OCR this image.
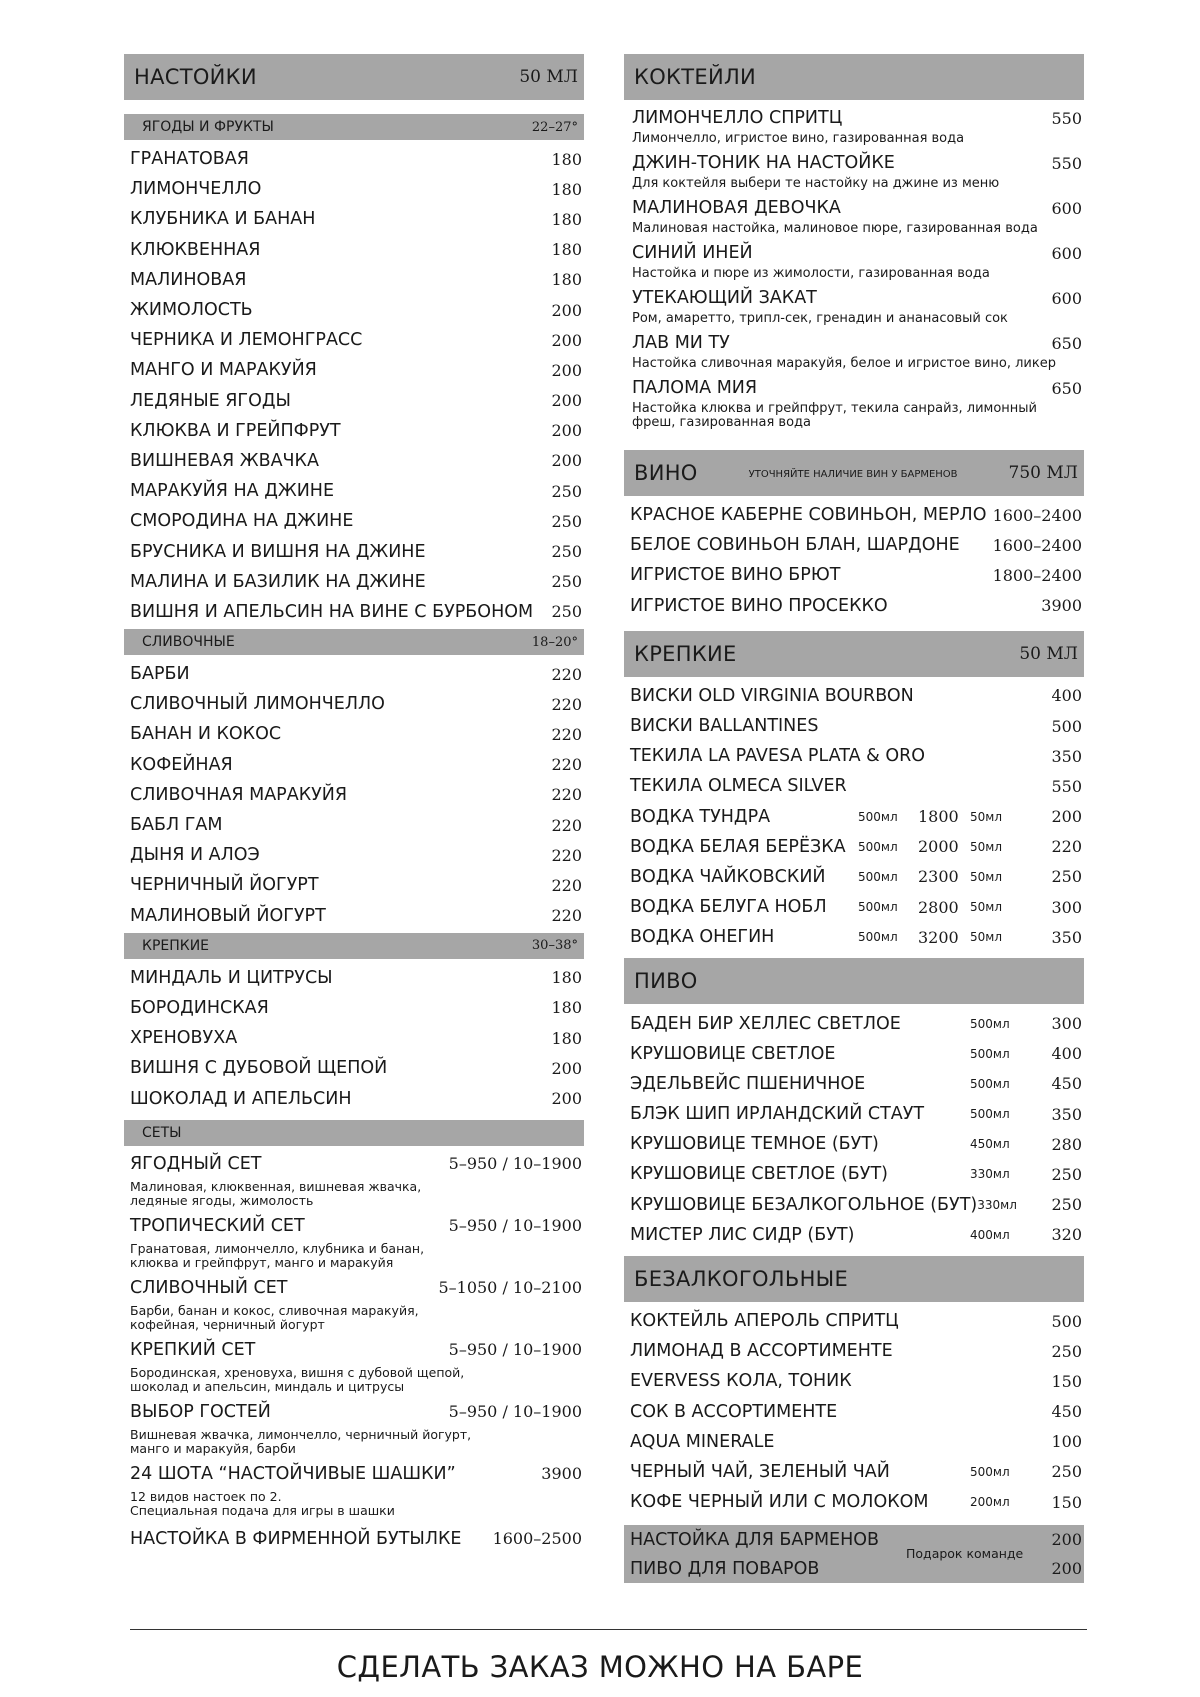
НАСТОЙКИ	50 МЛ
ЯГОДЫ И ФРУКТЫ	22–27°
ГРАНАТОВАЯ	180
ЛИМОНЧЕЛЛО	180
КЛУБНИКА И БАНАН	180
КЛЮКВЕННАЯ	180
МАЛИНОВАЯ	180
ЖИМОЛОСТЬ	200
ЧЕРНИКА И ЛЕМОНГРАСС	200
МАНГО И МАРАКУЙЯ	200
ЛЕДЯНЫЕ ЯГОДЫ	200
КЛЮКВА И ГРЕЙПФРУТ	200
ВИШНЕВАЯ ЖВАЧКА	200
МАРАКУЙЯ НА ДЖИНЕ	250
СМОРОДИНА НА ДЖИНЕ	250
БРУСНИКА И ВИШНЯ НА ДЖИНЕ	250
МАЛИНА И БАЗИЛИК НА ДЖИНЕ	250
ВИШНЯ И АПЕЛЬСИН НА ВИНЕ С БУРБОНОМ	250
СЛИВОЧНЫЕ	18–20°
БАРБИ	220
СЛИВОЧНЫЙ ЛИМОНЧЕЛЛО	220
БАНАН И КОКОС	220
КОФЕЙНАЯ	220
СЛИВОЧНАЯ МАРАКУЙЯ	220
БАБЛ ГАМ	220
ДЫНЯ И АЛОЭ	220
ЧЕРНИЧНЫЙ ЙОГУРТ	220
МАЛИНОВЫЙ ЙОГУРТ	220
КРЕПКИЕ	30–38°
МИНДАЛЬ И ЦИТРУСЫ	180
БОРОДИНСКАЯ	180
ХРЕНОВУХА	180
ВИШНЯ С ДУБОВОЙ ЩЕПОЙ	200
ШОКОЛАД И АПЕЛЬСИН	200
СЕТЫ
ЯГОДНЫЙ СЕТ	5–950 / 10–1900
Малиновая, клюквенная, вишневая жвачка,
ледяные ягоды, жимолость
ТРОПИЧЕСКИЙ СЕТ	5–950 / 10–1900
Гранатовая, лимончелло, клубника и банан,
клюква и грейпфрут, манго и маракуйя
СЛИВОЧНЫЙ СЕТ	5–1050 / 10–2100
Барби, банан и кокос, сливочная маракуйя,
кофейная, черничный йогурт
КРЕПКИЙ СЕТ	5–950 / 10–1900
Бородинская, хреновуха, вишня с дубовой щепой,
шоколад и апельсин, миндаль и цитрусы
ВЫБОР ГОСТЕЙ	5–950 / 10–1900
Вишневая жвачка, лимончелло, черничный йогурт,
манго и маракуйя, барби
24 ШОТА “НАСТОЙЧИВЫЕ ШАШКИ”	3900
12 видов настоек по 2.
Специальная подача для игры в шашки
НАСТОЙКА В ФИРМЕННОЙ БУТЫЛКЕ	1600–2500
КОКТЕЙЛИ
ЛИМОНЧЕЛЛО СПРИТЦ	550
Лимончелло, игристое вино, газированная вода
ДЖИН-ТОНИК НА НАСТОЙКЕ	550
Для коктейля выбери те настойку на джине из меню
МАЛИНОВАЯ ДЕВОЧКА	600
Малиновая настойка, малиновое пюре, газированная вода
СИНИЙ ИНЕЙ	600
Настойка и пюре из жимолости, газированная вода
УТЕКАЮЩИЙ ЗАКАТ	600
Ром, амаретто, трипл-сек, гренадин и ананасовый сок
ЛАВ МИ ТУ	650
Настойка сливочная маракуйя, белое и игристое вино, ликер
ПАЛОМА МИЯ	650
Настойка клюква и грейпфрут, текила санрайз, лимонный
фреш, газированная вода
ВИНО	УТОЧНЯЙТЕ НАЛИЧИЕ ВИН У БАРМЕНОВ	750 МЛ
КРАСНОЕ КАБЕРНЕ СОВИНЬОН, МЕРЛО 1600–2400
БЕЛОЕ СОВИНЬОН БЛАН, ШАРДОНЕ	1600–2400
ИГРИСТОЕ ВИНО БРЮТ	1800–2400
ИГРИСТОЕ ВИНО ПРОСЕККО	3900
КРЕПКИЕ	50 МЛ
ВИСКИ OLD VIRGINIA BOURBON	400
ВИСКИ BALLANTINES	500
ТЕКИЛА LA PAVESA PLATA & ORO	350
ТЕКИЛА OLMECA SILVER	550
ВОДКА ТУНДРА	500мл	1800 50мл	200
ВОДКА БЕЛАЯ БЕРЁЗКА	500мл	2000 50мл	220
ВОДКА ЧАЙКОВСКИЙ	500мл	2300 50мл	250
ВОДКА БЕЛУГА НОБЛ	500мл	2800 50мл	300
ВОДКА ОНЕГИН	500мл	3200 50мл	350
ПИВО
БАДЕН БИР ХЕЛЛЕС СВЕТЛОЕ	500мл	300
КРУШОВИЦЕ СВЕТЛОЕ	500мл	400
ЭДЕЛЬВЕЙС ПШЕНИЧНОЕ	500мл	450
БЛЭК ШИП ИРЛАНДСКИЙ СТАУТ	500мл	350
КРУШОВИЦЕ ТЕМНОЕ (БУТ)	450мл	280
КРУШОВИЦЕ СВЕТЛОЕ (БУТ)	330мл	250
КРУШОВИЦЕ БЕЗАЛКОГОЛЬНОЕ (БУТ) 330мл	250
МИСТЕР ЛИС СИДР (БУТ)	400мл	320
БЕЗАЛКОГОЛЬНЫЕ
КОКТЕЙЛЬ АПЕРОЛЬ СПРИТЦ	500
ЛИМОНАД В АССОРТИМЕНТЕ	250
EVERVESS КОЛА, ТОНИК	150
СОК В АССОРТИМЕНТЕ	450
AQUA MINERALE	100
ЧЕРНЫЙ ЧАЙ, ЗЕЛЕНЫЙ ЧАЙ	500мл	250
КОФЕ ЧЕРНЫЙ ИЛИ С МОЛОКОМ	200мл	150
НАСТОЙКА ДЛЯ БАРМЕНОВ	200
ПИВО ДЛЯ ПОВАРОВ	200
Подарок команде
СДЕЛАТЬ ЗАКАЗ МОЖНО НА БАРЕ
